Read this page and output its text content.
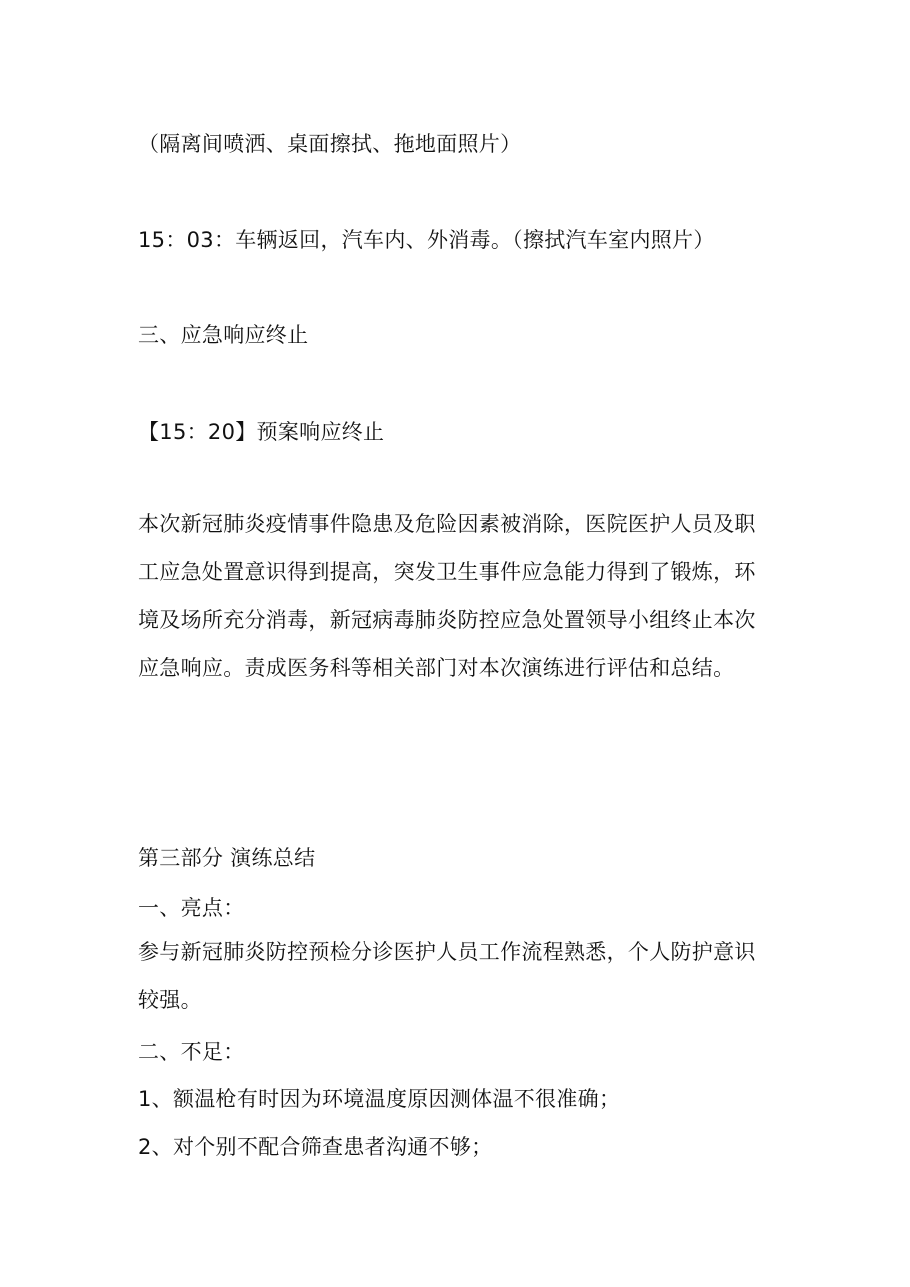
（隔离间喷洒、桌面擦拭、拖地面照片）
15：03：车辆返回，汽车内、外消毒。（擦拭汽车室内照片）
三、应急响应终止
【15：20】预案响应终止
本次新冠肺炎疫情事件隐患及危险因素被消除，医院医护人员及职
工应急处置意识得到提高，突发卫生事件应急能力得到了锻炼，环
境及场所充分消毒，新冠病毒肺炎防控应急处置领导小组终止本次
应急响应。责成医务科等相关部门对本次演练进行评估和总结。
第三部分 演练总结
一、亮点：
参与新冠肺炎防控预检分诊医护人员工作流程熟悉，个人防护意识
较强。
二、不足：
1、额温枪有时因为环境温度原因测体温不很准确；
2、对个别不配合筛查患者沟通不够；
